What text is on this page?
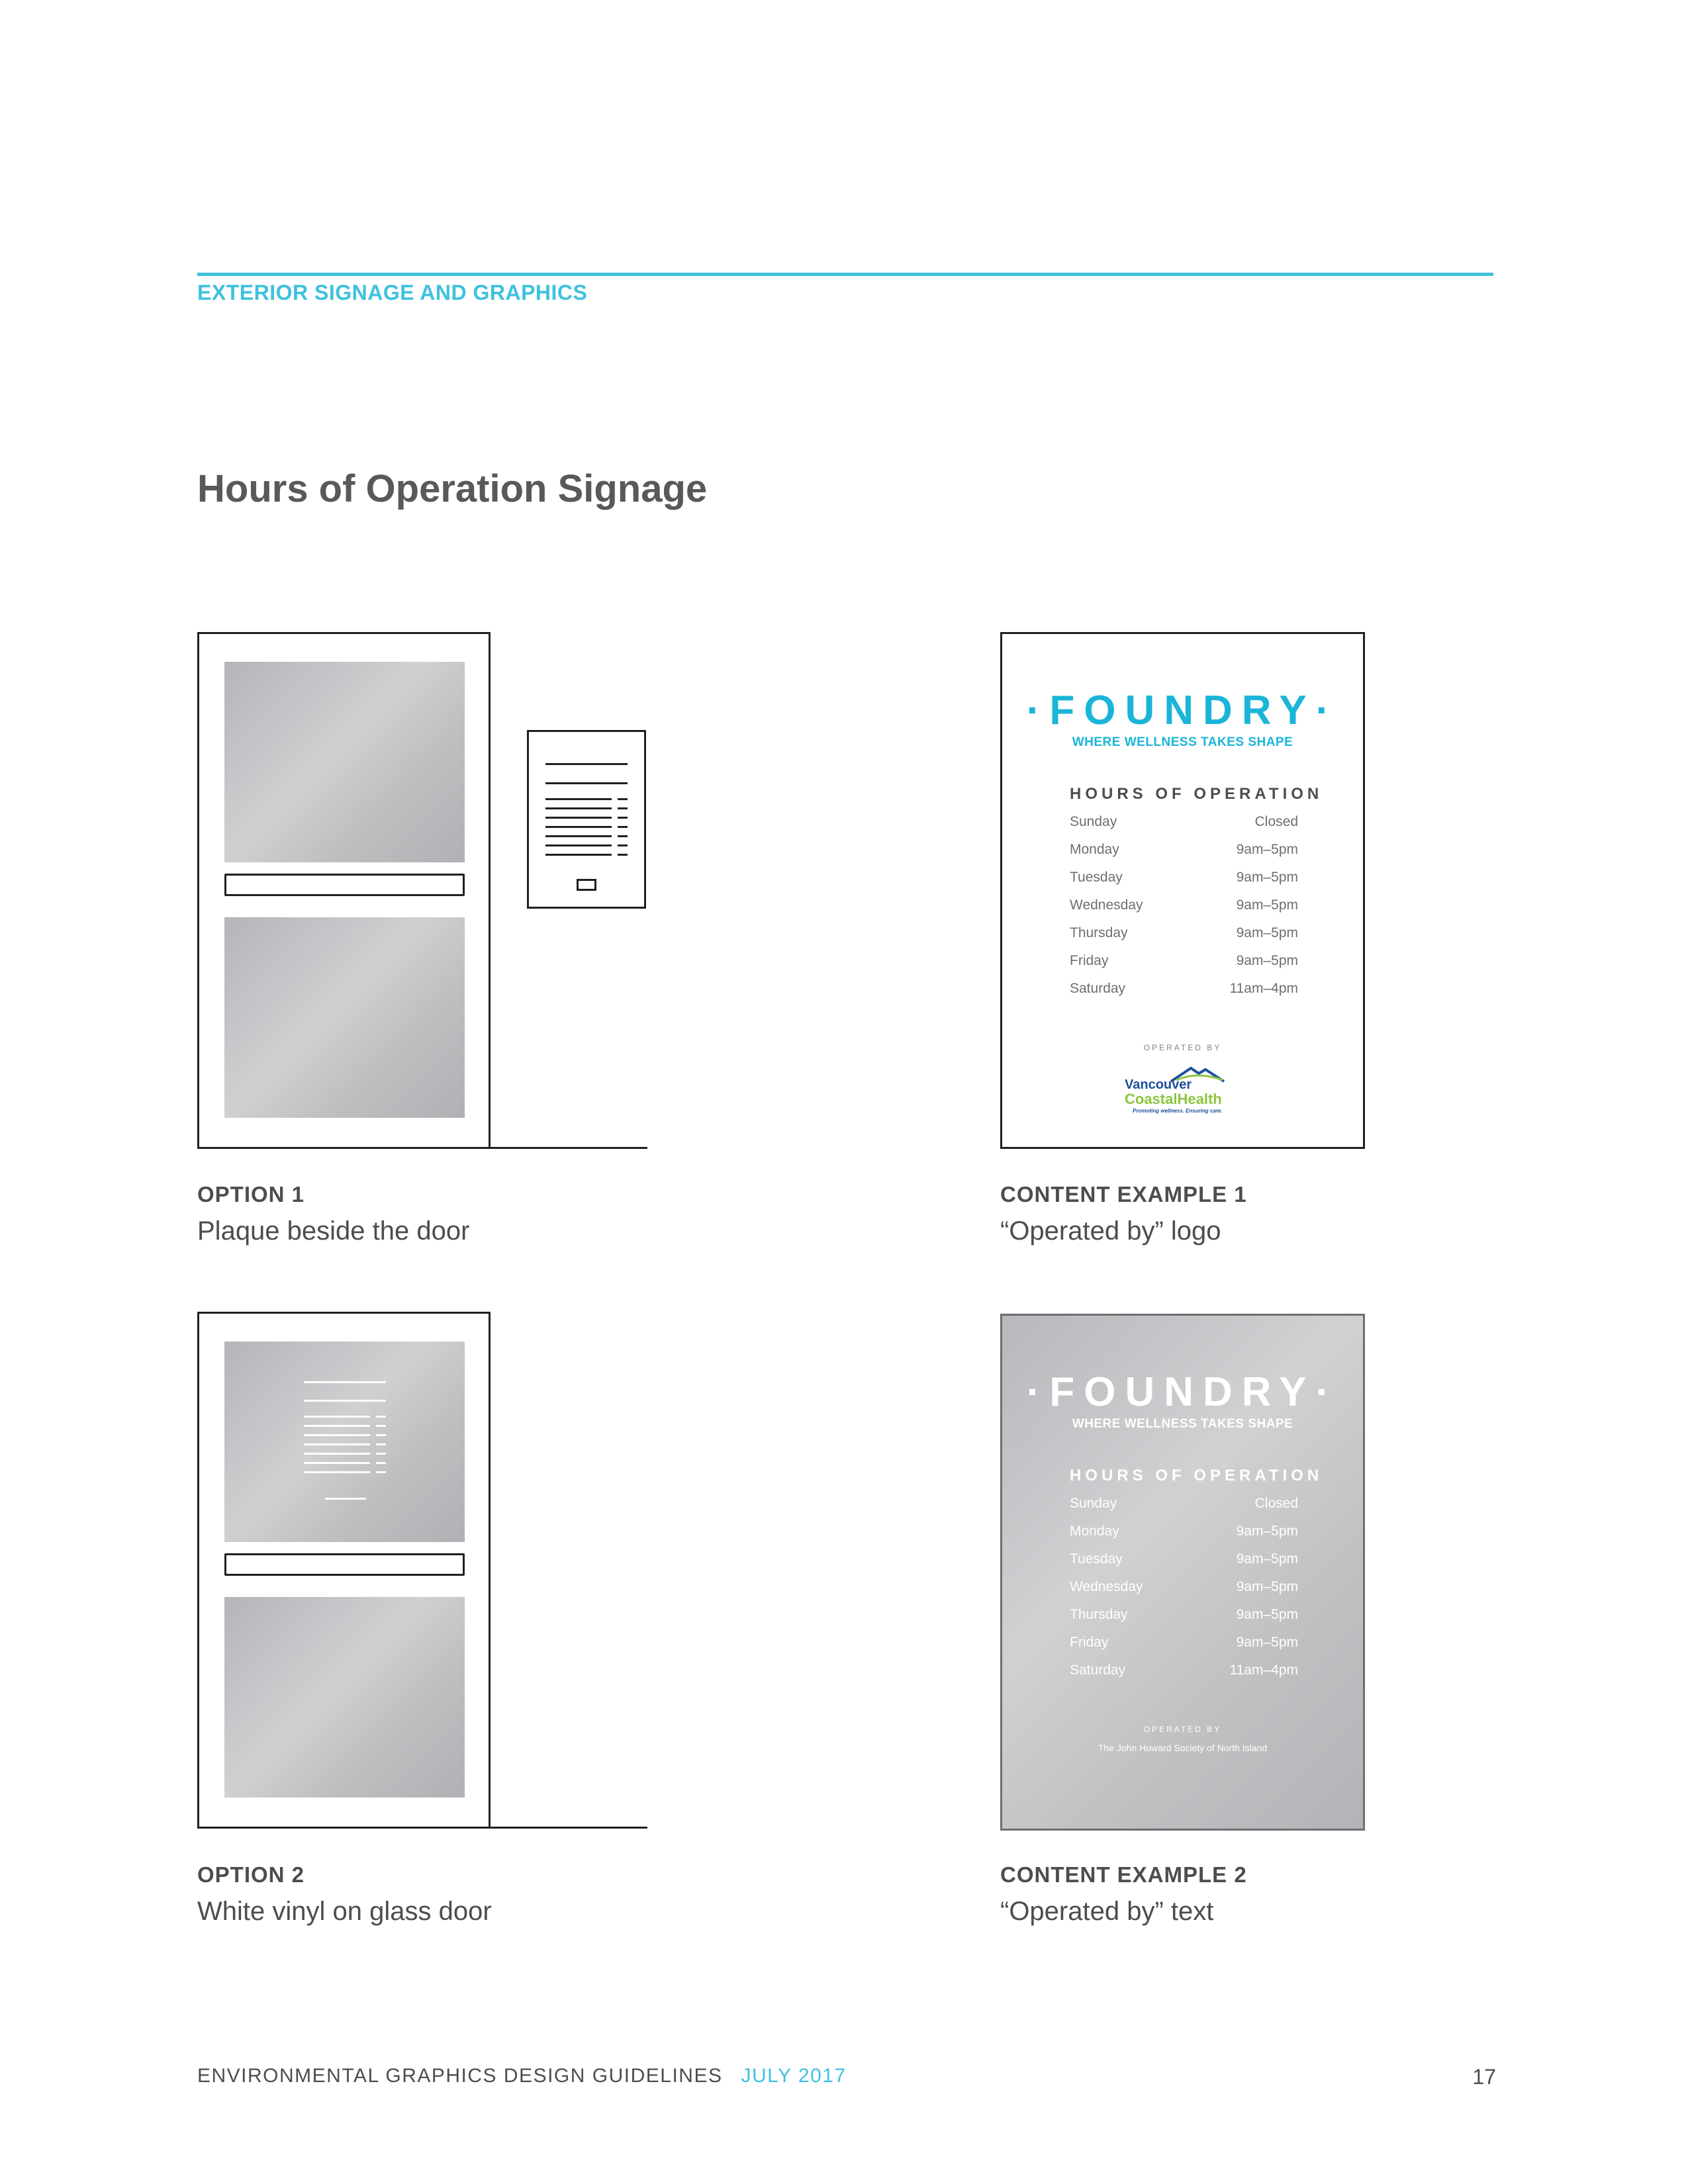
EXTERIOR SIGNAGE AND GRAPHICS
Hours of Operation Signage
OPTION 1
Plaque beside the door
·FOUNDRY·
WHERE WELLNESS TAKES SHAPE
HOURS OF OPERATION
Sunday	Closed
Monday	9am–5pm
Tuesday	9am–5pm
Wednesday	9am–5pm
Thursday	9am–5pm
Friday	9am–5pm
Saturday	11am–4pm
OPERATED BY
Vancouver
CoastalHealth
Promoting wellness. Ensuring care.
CONTENT EXAMPLE 1
“Operated by” logo
OPTION 2
White vinyl on glass door
·FOUNDRY·
WHERE WELLNESS TAKES SHAPE
HOURS OF OPERATION
Sunday	Closed
Monday	9am–5pm
Tuesday	9am–5pm
Wednesday	9am–5pm
Thursday	9am–5pm
Friday	9am–5pm
Saturday	11am–4pm
OPERATED BY
The John Howard Society of North Island
CONTENT EXAMPLE 2
“Operated by” text
ENVIRONMENTAL GRAPHICS DESIGN GUIDELINES JULY 2017	17
